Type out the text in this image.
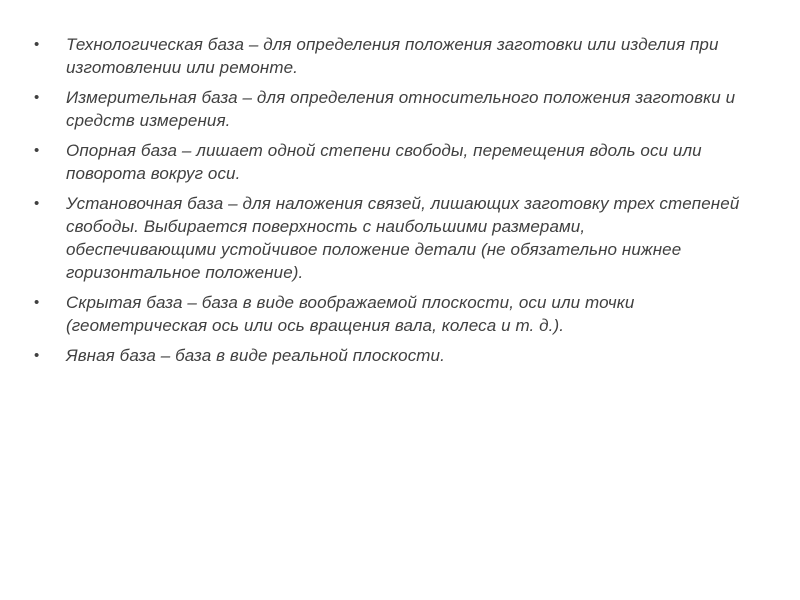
• Технологическая база – для определения положения заготовки или изделия при изготовлении или ремонте.
• Измерительная база – для определения относительного положения заготовки и средств измерения.
• Опорная база – лишает одной степени свободы, перемещения вдоль оси или поворота вокруг оси.
• Установочная база – для наложения связей, лишающих заготовку трех степеней свободы. Выбирается поверхность с наибольшими размерами, обеспечивающими устойчивое положение детали (не обязательно нижнее горизонтальное положение).
• Скрытая база – база в виде воображаемой плоскости, оси или точки (геометрическая ось или ось вращения вала, колеса и т. д.).
• Явная база – база в виде реальной плоскости.
